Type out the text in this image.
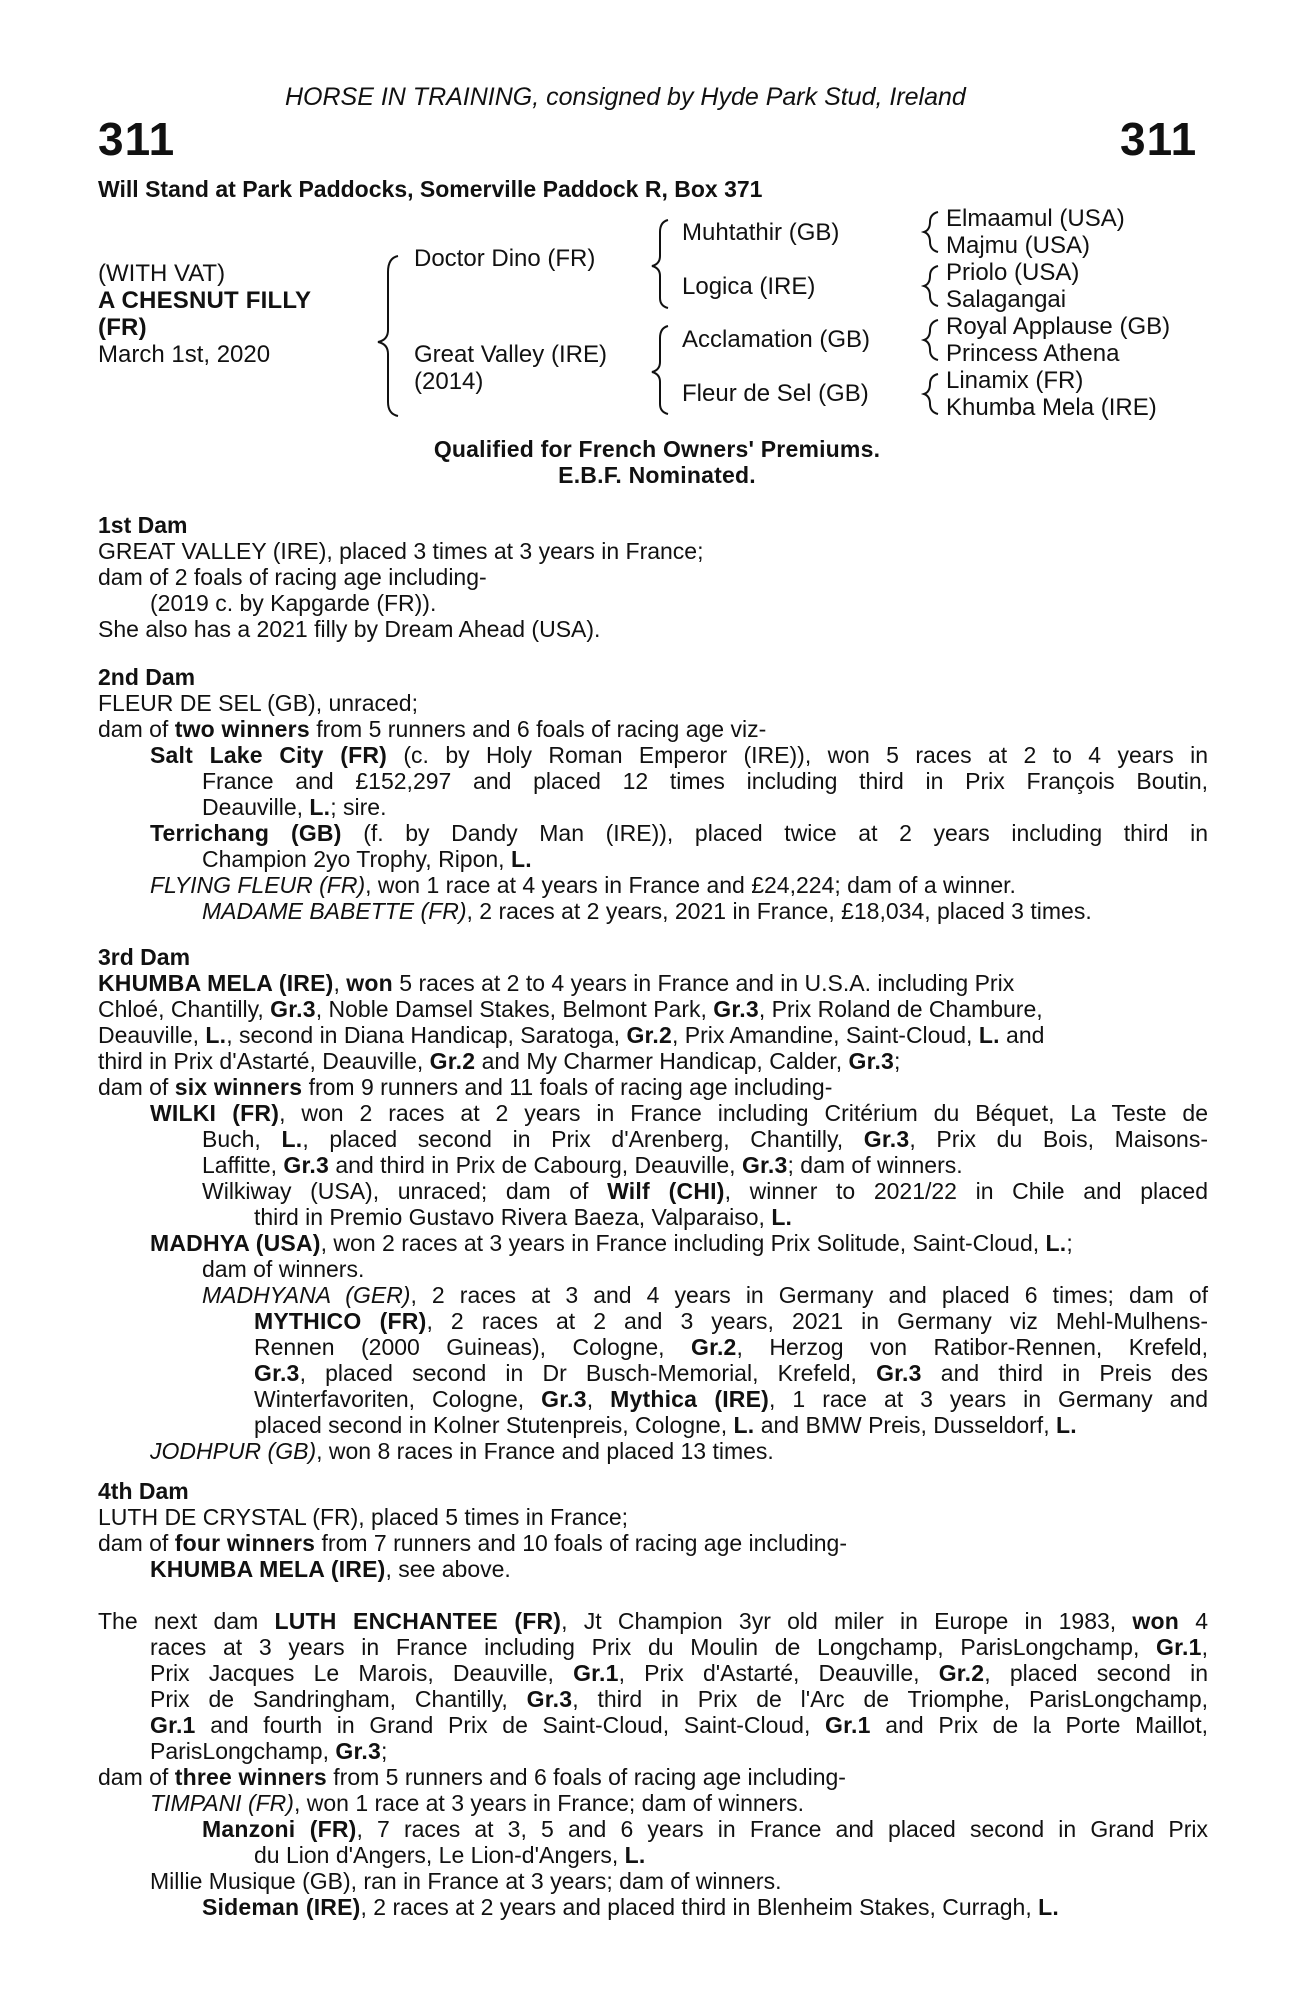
HORSE IN TRAINING, consigned by Hyde Park Stud, Ireland
311	311
Will Stand at Park Paddocks, Somerville Paddock R, Box 371
(WITH VAT)
A CHESNUT FILLY
(FR)
March 1st, 2020
Doctor Dino (FR)
Great Valley (IRE)
(2014)
Muhtathir (GB)
Logica (IRE)
Acclamation (GB)
Fleur de Sel (GB)
Elmaamul (USA)
Majmu (USA)
Priolo (USA)
Salagangai
Royal Applause (GB)
Princess Athena
Linamix (FR)
Khumba Mela (IRE)
Qualified for French Owners' Premiums.
E.B.F. Nominated.
1st Dam
GREAT VALLEY (IRE), placed 3 times at 3 years in France;
dam of 2 foals of racing age including-
(2019 c. by Kapgarde (FR)).
She also has a 2021 filly by Dream Ahead (USA).
2nd Dam
FLEUR DE SEL (GB), unraced;
dam of two winners from 5 runners and 6 foals of racing age viz-
Salt Lake City (FR) (c. by Holy Roman Emperor (IRE)), won 5 races at 2 to 4 years in
France and £152,297 and placed 12 times including third in Prix François Boutin,
Deauville, L.; sire.
Terrichang (GB) (f. by Dandy Man (IRE)), placed twice at 2 years including third in
Champion 2yo Trophy, Ripon, L.
FLYING FLEUR (FR), won 1 race at 4 years in France and £24,224; dam of a winner.
MADAME BABETTE (FR), 2 races at 2 years, 2021 in France, £18,034, placed 3 times.
3rd Dam
KHUMBA MELA (IRE), won 5 races at 2 to 4 years in France and in U.S.A. including Prix
Chloé, Chantilly, Gr.3, Noble Damsel Stakes, Belmont Park, Gr.3, Prix Roland de Chambure,
Deauville, L., second in Diana Handicap, Saratoga, Gr.2, Prix Amandine, Saint-Cloud, L. and
third in Prix d'Astarté, Deauville, Gr.2 and My Charmer Handicap, Calder, Gr.3;
dam of six winners from 9 runners and 11 foals of racing age including-
WILKI (FR), won 2 races at 2 years in France including Critérium du Béquet, La Teste de
Buch, L., placed second in Prix d'Arenberg, Chantilly, Gr.3, Prix du Bois, Maisons-
Laffitte, Gr.3 and third in Prix de Cabourg, Deauville, Gr.3; dam of winners.
Wilkiway (USA), unraced; dam of Wilf (CHI), winner to 2021/22 in Chile and placed
third in Premio Gustavo Rivera Baeza, Valparaiso, L.
MADHYA (USA), won 2 races at 3 years in France including Prix Solitude, Saint-Cloud, L.;
dam of winners.
MADHYANA (GER), 2 races at 3 and 4 years in Germany and placed 6 times; dam of
MYTHICO (FR), 2 races at 2 and 3 years, 2021 in Germany viz Mehl-Mulhens-
Rennen (2000 Guineas), Cologne, Gr.2, Herzog von Ratibor-Rennen, Krefeld,
Gr.3, placed second in Dr Busch-Memorial, Krefeld, Gr.3 and third in Preis des
Winterfavoriten, Cologne, Gr.3, Mythica (IRE), 1 race at 3 years in Germany and
placed second in Kolner Stutenpreis, Cologne, L. and BMW Preis, Dusseldorf, L.
JODHPUR (GB), won 8 races in France and placed 13 times.
4th Dam
LUTH DE CRYSTAL (FR), placed 5 times in France;
dam of four winners from 7 runners and 10 foals of racing age including-
KHUMBA MELA (IRE), see above.
The next dam LUTH ENCHANTEE (FR), Jt Champion 3yr old miler in Europe in 1983, won 4
races at 3 years in France including Prix du Moulin de Longchamp, ParisLongchamp, Gr.1,
Prix Jacques Le Marois, Deauville, Gr.1, Prix d'Astarté, Deauville, Gr.2, placed second in
Prix de Sandringham, Chantilly, Gr.3, third in Prix de l'Arc de Triomphe, ParisLongchamp,
Gr.1 and fourth in Grand Prix de Saint-Cloud, Saint-Cloud, Gr.1 and Prix de la Porte Maillot,
ParisLongchamp, Gr.3;
dam of three winners from 5 runners and 6 foals of racing age including-
TIMPANI (FR), won 1 race at 3 years in France; dam of winners.
Manzoni (FR), 7 races at 3, 5 and 6 years in France and placed second in Grand Prix
du Lion d'Angers, Le Lion-d'Angers, L.
Millie Musique (GB), ran in France at 3 years; dam of winners.
Sideman (IRE), 2 races at 2 years and placed third in Blenheim Stakes, Curragh, L.
